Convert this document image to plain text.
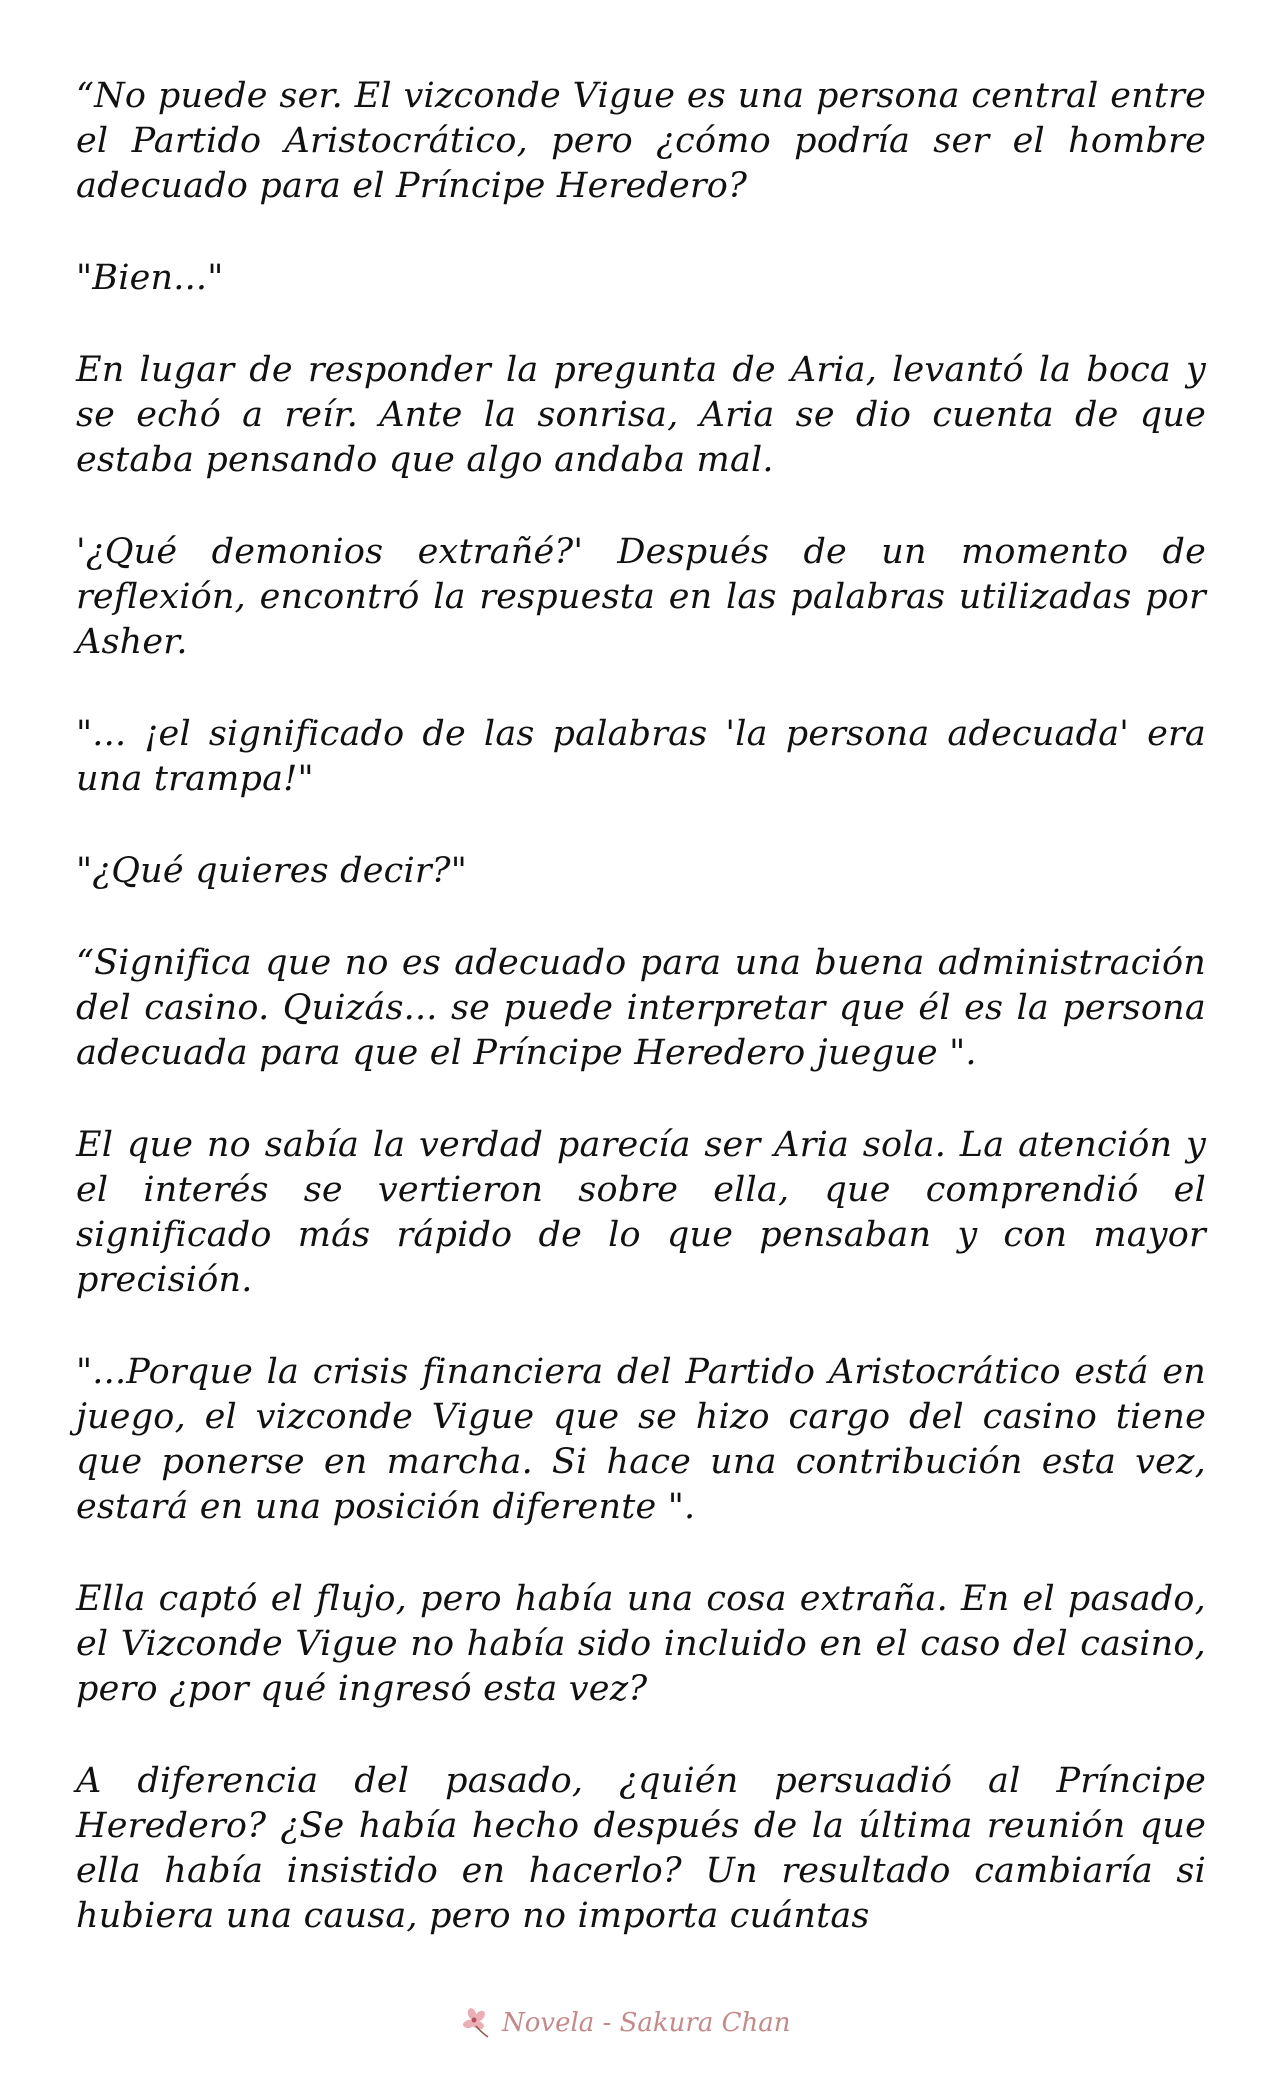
“No puede ser. El vizconde Vigue es una persona central entre el Partido Aristocrático, pero ¿cómo podría ser el hombre adecuado para el Príncipe Heredero?

"Bien..."

En lugar de responder la pregunta de Aria, levantó la boca y se echó a reír. Ante la sonrisa, Aria se dio cuenta de que estaba pensando que algo andaba mal.

'¿Qué demonios extrañé?' Después de un momento de reflexión, encontró la respuesta en las palabras utilizadas por Asher.

"... ¡el significado de las palabras 'la persona adecuada' era una trampa!"

"¿Qué quieres decir?"

“Significa que no es adecuado para una buena administración del casino. Quizás... se puede interpretar que él es la persona adecuada para que el Príncipe Heredero juegue ".

El que no sabía la verdad parecía ser Aria sola. La atención y el interés se vertieron sobre ella, que comprendió el significado más rápido de lo que pensaban y con mayor precisión.

"...Porque la crisis financiera del Partido Aristocrático está en juego, el vizconde Vigue que se hizo cargo del casino tiene que ponerse en marcha. Si hace una contribución esta vez, estará en una posición diferente ".

Ella captó el flujo, pero había una cosa extraña. En el pasado, el Vizconde Vigue no había sido incluido en el caso del casino, pero ¿por qué ingresó esta vez?

A diferencia del pasado, ¿quién persuadió al Príncipe Heredero? ¿Se había hecho después de la última reunión que ella había insistido en hacerlo? Un resultado cambiaría si hubiera una causa, pero no importa cuántas

Novela - Sakura Chan
